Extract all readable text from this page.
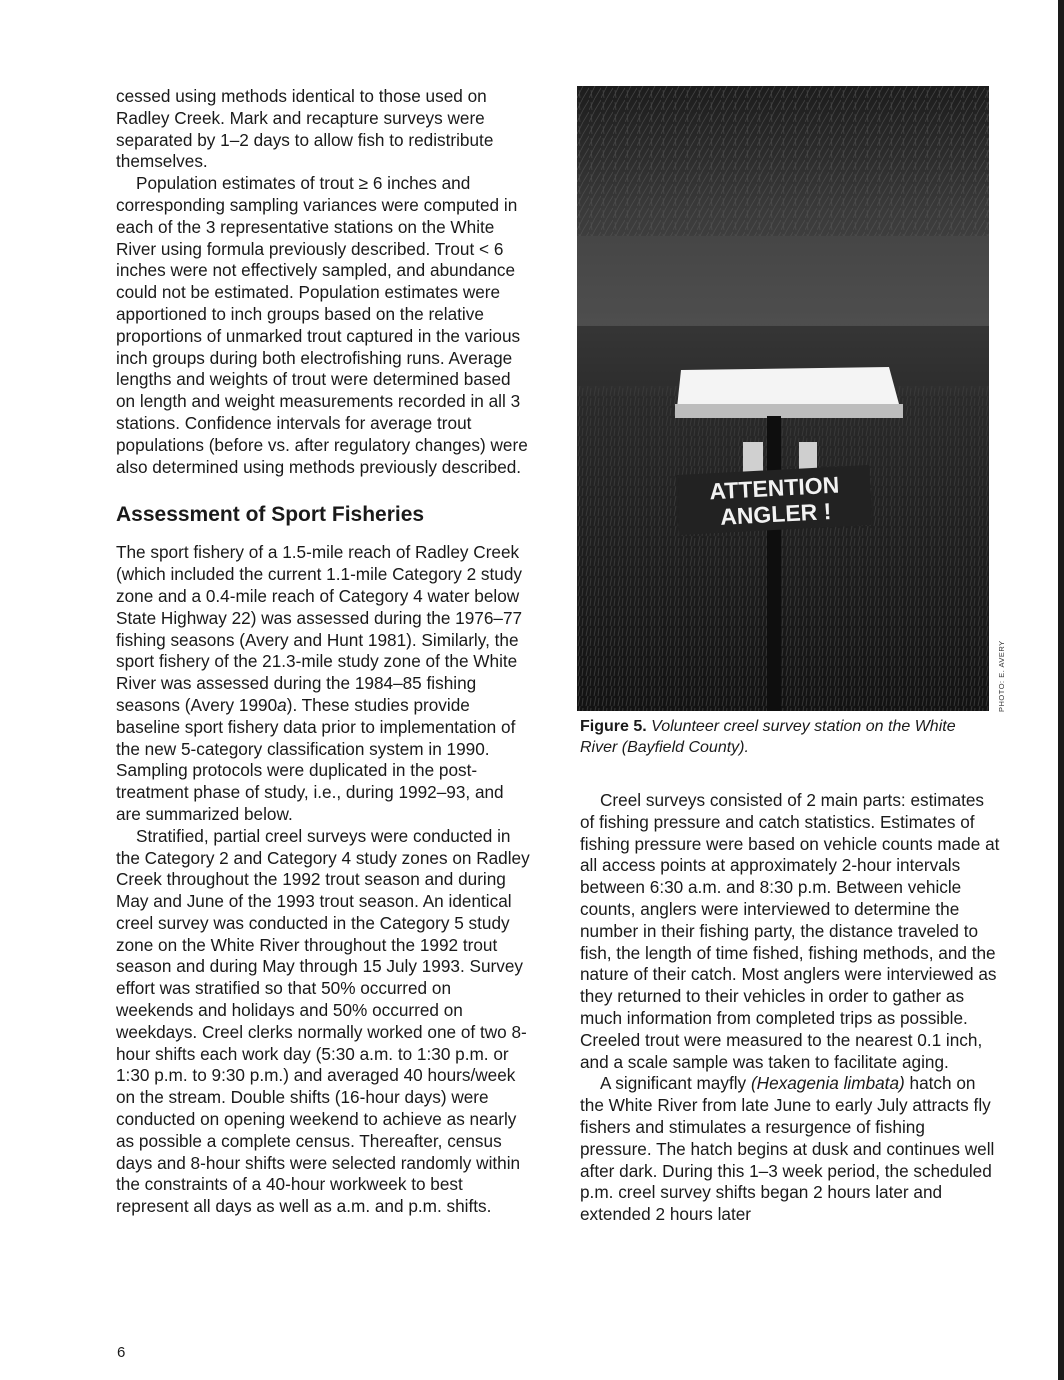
cessed using methods identical to those used on Radley Creek. Mark and recapture surveys were separated by 1–2 days to allow fish to redistribute themselves.

Population estimates of trout ≥ 6 inches and corresponding sampling variances were computed in each of the 3 representative stations on the White River using formula previously described. Trout < 6 inches were not effectively sampled, and abundance could not be estimated. Population estimates were apportioned to inch groups based on the relative proportions of unmarked trout captured in the various inch groups during both electrofishing runs. Average lengths and weights of trout were determined based on length and weight measurements recorded in all 3 stations. Confidence intervals for average trout populations (before vs. after regulatory changes) were also determined using methods previously described.

Assessment of Sport Fisheries

The sport fishery of a 1.5-mile reach of Radley Creek (which included the current 1.1-mile Category 2 study zone and a 0.4-mile reach of Category 4 water below State Highway 22) was assessed during the 1976–77 fishing seasons (Avery and Hunt 1981). Similarly, the sport fishery of the 21.3-mile study zone of the White River was assessed during the 1984–85 fishing seasons (Avery 1990a). These studies provide baseline sport fishery data prior to implementation of the new 5-category classification system in 1990. Sampling protocols were duplicated in the post-treatment phase of study, i.e., during 1992–93, and are summarized below.

Stratified, partial creel surveys were conducted in the Category 2 and Category 4 study zones on Radley Creek throughout the 1992 trout season and during May and June of the 1993 trout season. An identical creel survey was conducted in the Category 5 study zone on the White River throughout the 1992 trout season and during May through 15 July 1993. Survey effort was stratified so that 50% occurred on weekends and holidays and 50% occurred on weekdays. Creel clerks normally worked one of two 8-hour shifts each work day (5:30 a.m. to 1:30 p.m. or 1:30 p.m. to 9:30 p.m.) and averaged 40 hours/week on the stream. Double shifts (16-hour days) were conducted on opening weekend to achieve as nearly as possible a complete census. Thereafter, census days and 8-hour shifts were selected randomly within the constraints of a 40-hour workweek to best represent all days as well as a.m. and p.m. shifts.

ATTENTION
ANGLER !
PHOTO: E. AVERY
Figure 5. Volunteer creel survey station on the White River (Bayfield County).

Creel surveys consisted of 2 main parts: estimates of fishing pressure and catch statistics. Estimates of fishing pressure were based on vehicle counts made at all access points at approximately 2-hour intervals between 6:30 a.m. and 8:30 p.m. Between vehicle counts, anglers were interviewed to determine the number in their fishing party, the distance traveled to fish, the length of time fished, fishing methods, and the nature of their catch. Most anglers were interviewed as they returned to their vehicles in order to gather as much information from completed trips as possible. Creeled trout were measured to the nearest 0.1 inch, and a scale sample was taken to facilitate aging.

A significant mayfly (Hexagenia limbata) hatch on the White River from late June to early July attracts fly fishers and stimulates a resurgence of fishing pressure. The hatch begins at dusk and continues well after dark. During this 1–3 week period, the scheduled p.m. creel survey shifts began 2 hours later and extended 2 hours later

6
